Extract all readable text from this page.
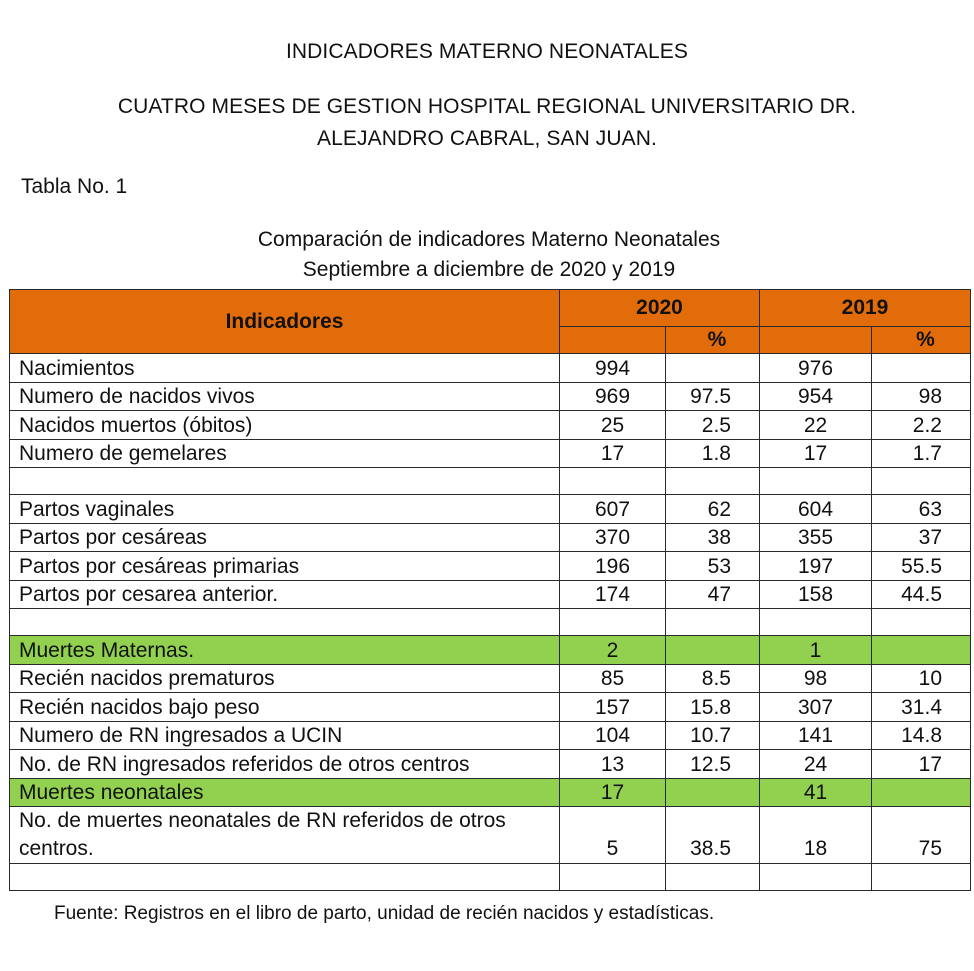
INDICADORES MATERNO NEONATALES
CUATRO MESES DE GESTION HOSPITAL REGIONAL UNIVERSITARIO DR.
ALEJANDRO CABRAL, SAN JUAN.
Tabla No. 1
Comparación de indicadores Materno Neonatales
Septiembre a diciembre de 2020 y 2019
Indicadores	2020		2019	
		%		%
Nacimientos	994		976	
Numero de nacidos vivos	969	97.5	954	98
Nacidos muertos (óbitos)	25	2.5	22	2.2
Numero de gemelares	17	1.8	17	1.7

Partos vaginales	607	62	604	63
Partos por cesáreas	370	38	355	37
Partos por cesáreas primarias	196	53	197	55.5
Partos por cesarea anterior.	174	47	158	44.5

Muertes Maternas.	2		1	
Recién nacidos prematuros	85	8.5	98	10
Recién nacidos bajo peso	157	15.8	307	31.4
Numero de RN ingresados a UCIN	104	10.7	141	14.8
No. de RN ingresados referidos de otros centros	13	12.5	24	17
Muertes neonatales	17		41	
No. de muertes neonatales de RN referidos de otros centros.	5	38.5	18	75

Fuente: Registros en el libro de parto, unidad de recién nacidos y estadísticas.
